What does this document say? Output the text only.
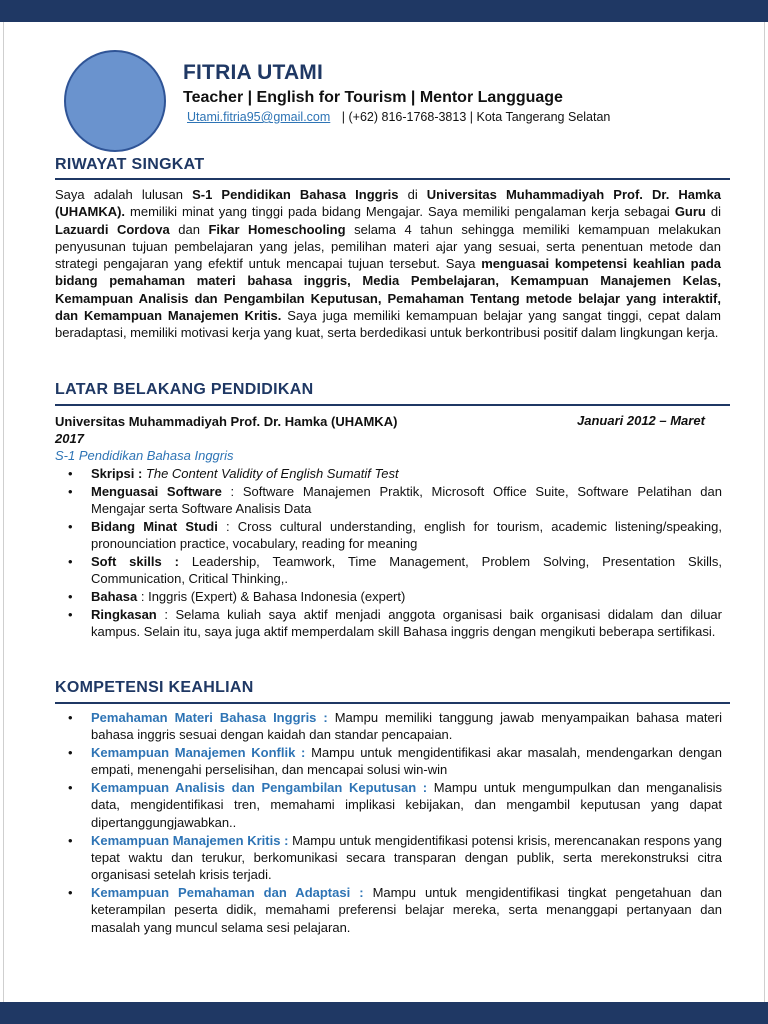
FITRIA UTAMI
Teacher | English for Tourism | Mentor Langguage
Utami.fitria95@gmail.com | (+62) 816-1768-3813 | Kota Tangerang Selatan
RIWAYAT SINGKAT
Saya adalah lulusan S-1 Pendidikan Bahasa Inggris di Universitas Muhammadiyah Prof. Dr. Hamka (UHAMKA). memiliki minat yang tinggi pada bidang Mengajar. Saya memiliki pengalaman kerja sebagai Guru di Lazuardi Cordova dan Fikar Homeschooling selama 4 tahun sehingga memiliki kemampuan melakukan penyusunan tujuan pembelajaran yang jelas, pemilihan materi ajar yang sesuai, serta penentuan metode dan strategi pengajaran yang efektif untuk mencapai tujuan tersebut. Saya menguasai kompetensi keahlian pada bidang pemahaman materi bahasa inggris, Media Pembelajaran, Kemampuan Manajemen Kelas, Kemampuan Analisis dan Pengambilan Keputusan, Pemahaman Tentang metode belajar yang interaktif, dan Kemampuan Manajemen Kritis. Saya juga memiliki kemampuan belajar yang sangat tinggi, cepat dalam beradaptasi, memiliki motivasi kerja yang kuat, serta berdedikasi untuk berkontribusi positif dalam lingkungan kerja.
LATAR BELAKANG PENDIDIKAN
Universitas Muhammadiyah Prof. Dr. Hamka (UHAMKA)	Januari 2012 – Maret
2017
S-1 Pendidikan Bahasa Inggris
• Skripsi : The Content Validity of English Sumatif Test
• Menguasai Software : Software Manajemen Praktik, Microsoft Office Suite, Software Pelatihan dan Mengajar serta Software Analisis Data
• Bidang Minat Studi : Cross cultural understanding, english for tourism, academic listening/speaking, pronounciation practice, vocabulary, reading for meaning
• Soft skills : Leadership, Teamwork, Time Management, Problem Solving, Presentation Skills, Communication, Critical Thinking,.
• Bahasa : Inggris (Expert) & Bahasa Indonesia (expert)
• Ringkasan : Selama kuliah saya aktif menjadi anggota organisasi baik organisasi didalam dan diluar kampus. Selain itu, saya juga aktif memperdalam skill Bahasa inggris dengan mengikuti beberapa sertifikasi.
KOMPETENSI KEAHLIAN
• Pemahaman Materi Bahasa Inggris : Mampu memiliki tanggung jawab menyampaikan bahasa materi bahasa inggris sesuai dengan kaidah dan standar pencapaian.
• Kemampuan Manajemen Konflik : Mampu untuk mengidentifikasi akar masalah, mendengarkan dengan empati, menengahi perselisihan, dan mencapai solusi win-win
• Kemampuan Analisis dan Pengambilan Keputusan : Mampu untuk mengumpulkan dan menganalisis data, mengidentifikasi tren, memahami implikasi kebijakan, dan mengambil keputusan yang dapat dipertanggungjawabkan..
• Kemampuan Manajemen Kritis : Mampu untuk mengidentifikasi potensi krisis, merencanakan respons yang tepat waktu dan terukur, berkomunikasi secara transparan dengan publik, serta merekonstruksi citra organisasi setelah krisis terjadi.
• Kemampuan Pemahaman dan Adaptasi : Mampu untuk mengidentifikasi tingkat pengetahuan dan keterampilan peserta didik, memahami preferensi belajar mereka, serta menanggapi pertanyaan dan masalah yang muncul selama sesi pelajaran.
